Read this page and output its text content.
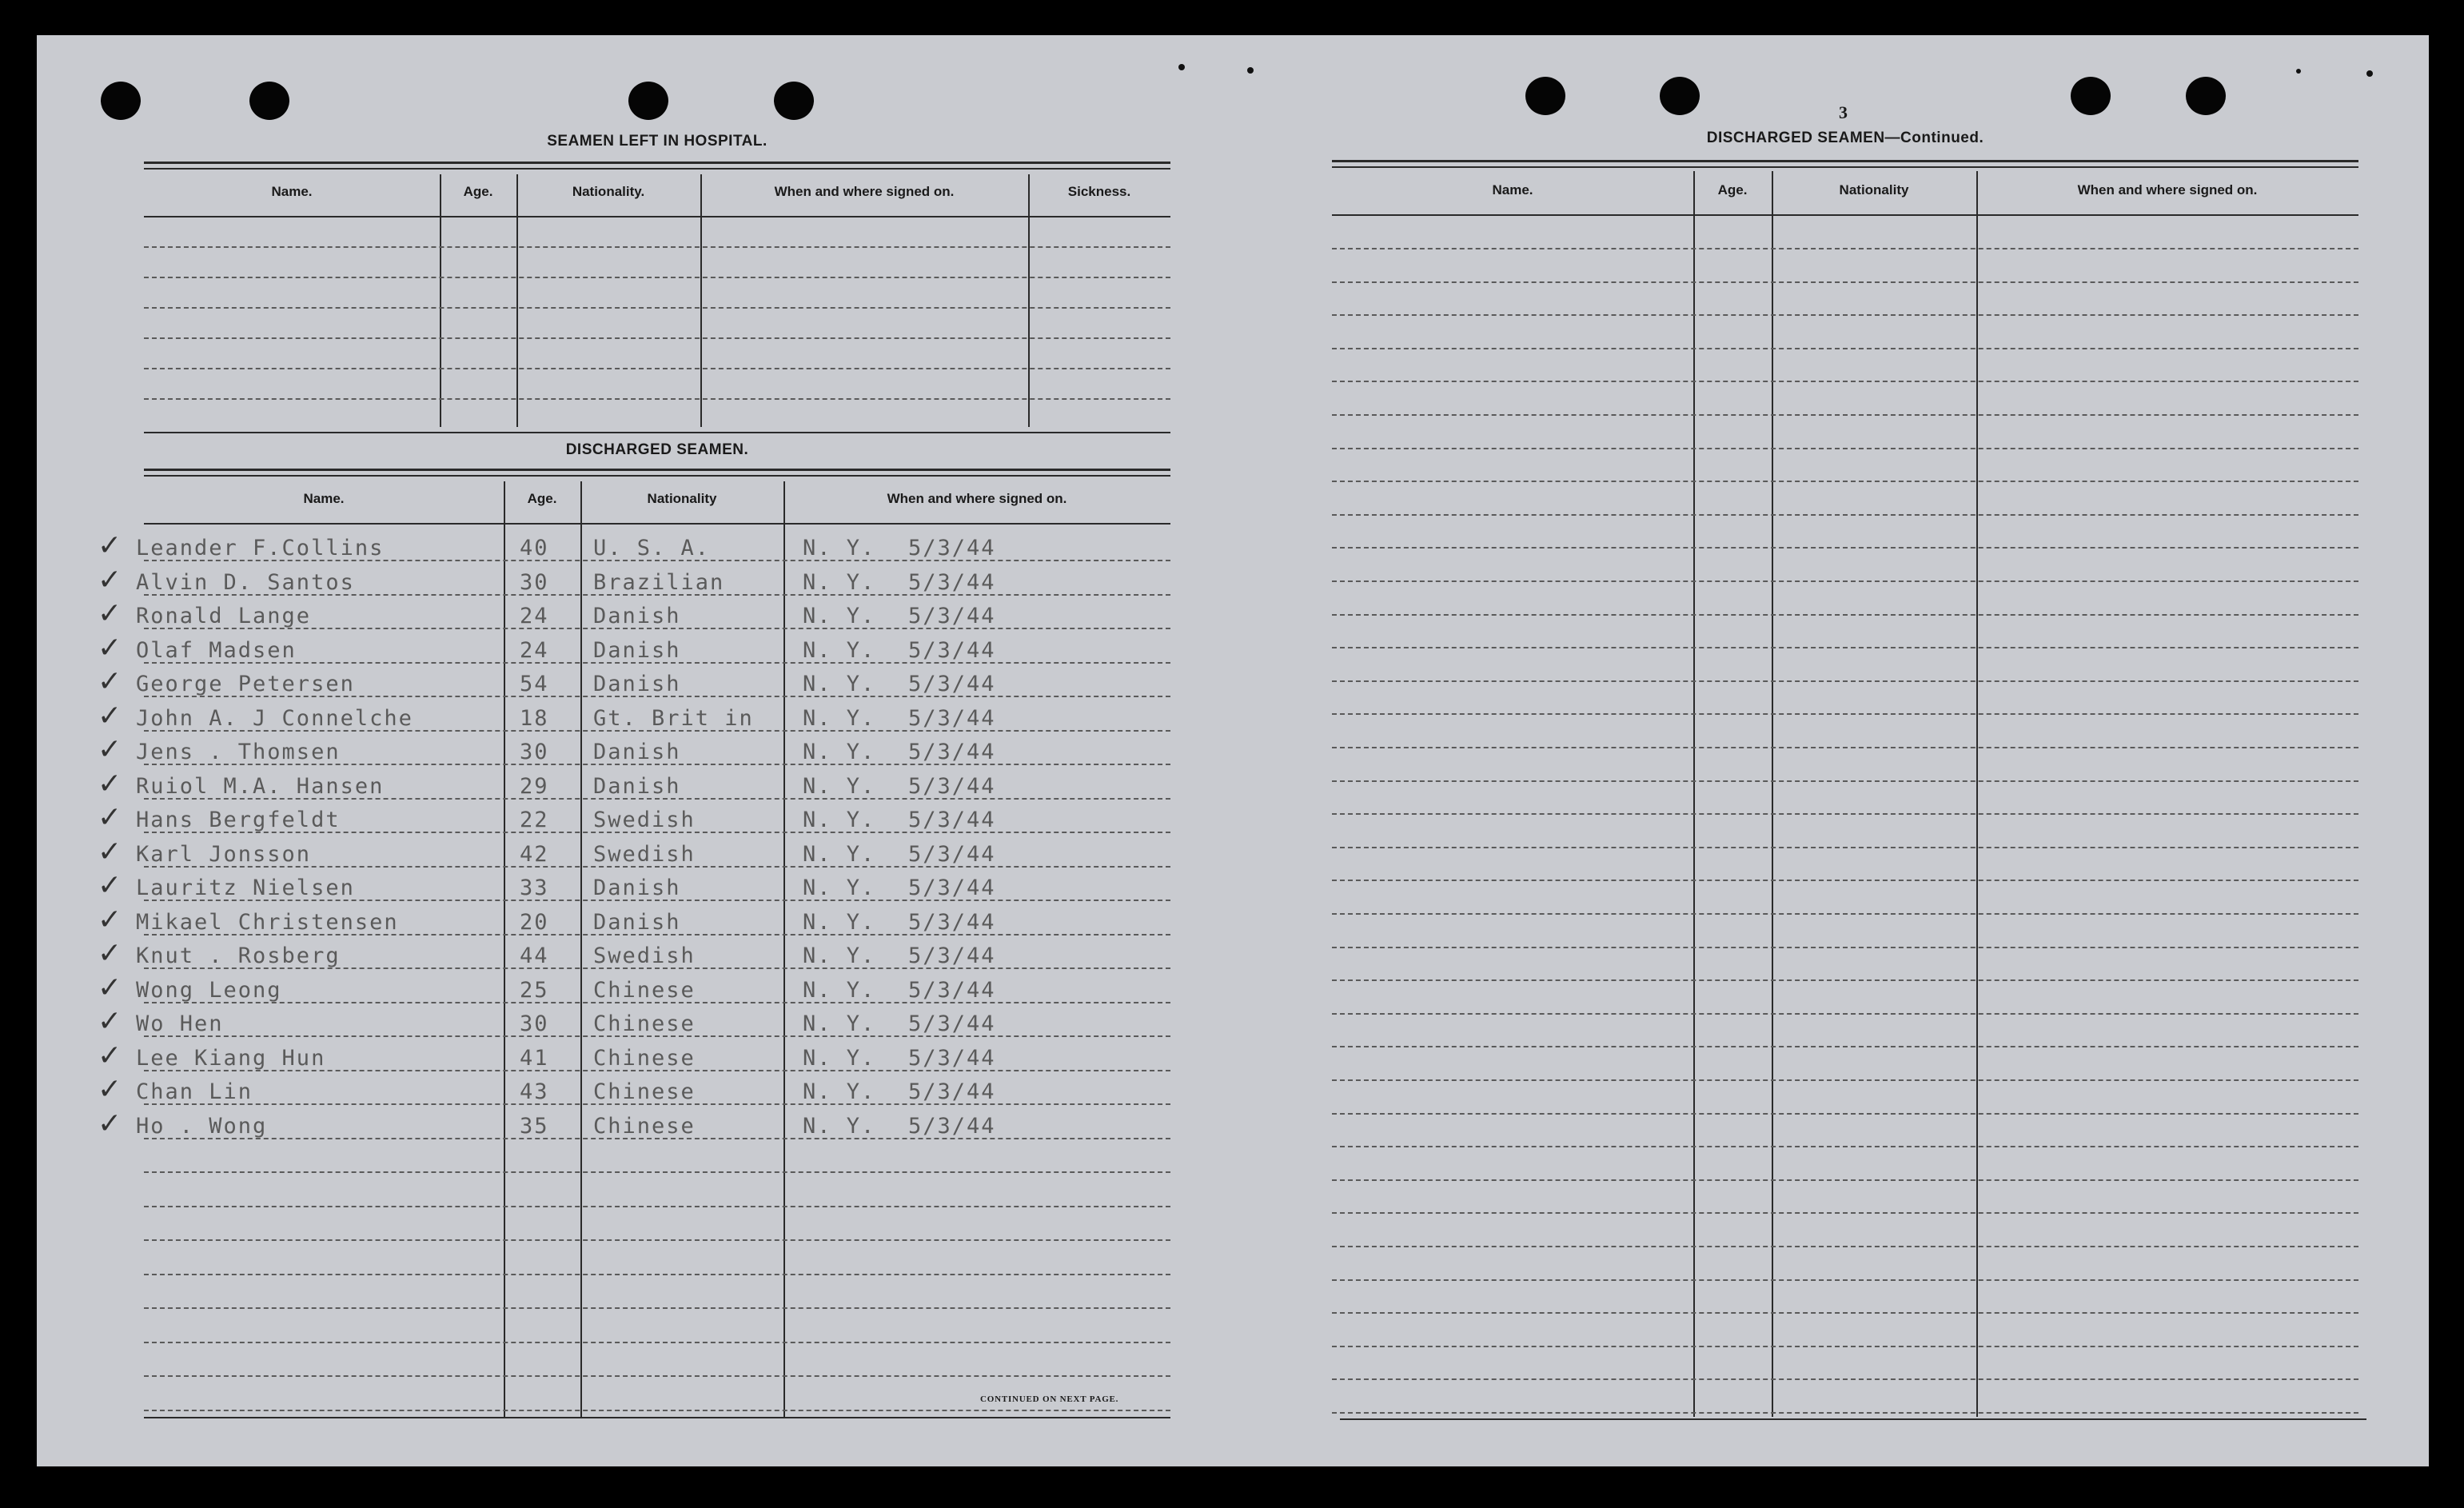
SEAMEN LEFT IN HOSPITAL.
Name.	Age.	Nationality.	When and where signed on.	Sickness.
DISCHARGED SEAMEN.
Name.	Age.	Nationality	When and where signed on.
✓ Leander F.Collins	40 U. S. A.	N. Y. 5/3/44
✓ Alvin D. Santos	30 Brazilian	N. Y. 5/3/44
✓ Ronald Lange	24 Danish	N. Y. 5/3/44
✓ Olaf Madsen	24 Danish	N. Y. 5/3/44
✓ George Petersen	54 Danish	N. Y. 5/3/44
✓ John A. J Connelche	18 Gt. Brit in N. Y. 5/3/44
✓ Jens . Thomsen	30 Danish	N. Y. 5/3/44
✓ Ruiol M.A. Hansen	29 Danish	N. Y. 5/3/44
✓ Hans Bergfeldt	22 Swedish	N. Y. 5/3/44
✓ Karl Jonsson	42 Swedish	N. Y. 5/3/44
✓ Lauritz Nielsen	33 Danish	N. Y. 5/3/44
✓ Mikael Christensen	20 Danish	N. Y. 5/3/44
✓ Knut . Rosberg	44 Swedish	N. Y. 5/3/44
✓ Wong Leong	25 Chinese	N. Y. 5/3/44
✓ Wo Hen	30 Chinese	N. Y. 5/3/44
✓ Lee Kiang Hun	41 Chinese	N. Y. 5/3/44
✓ Chan Lin	43 Chinese	N. Y. 5/3/44
✓ Ho . Wong	35 Chinese	N. Y. 5/3/44
CONTINUED ON NEXT PAGE.
3
DISCHARGED SEAMEN—Continued.
Name.	Age.	Nationality	When and where signed on.
